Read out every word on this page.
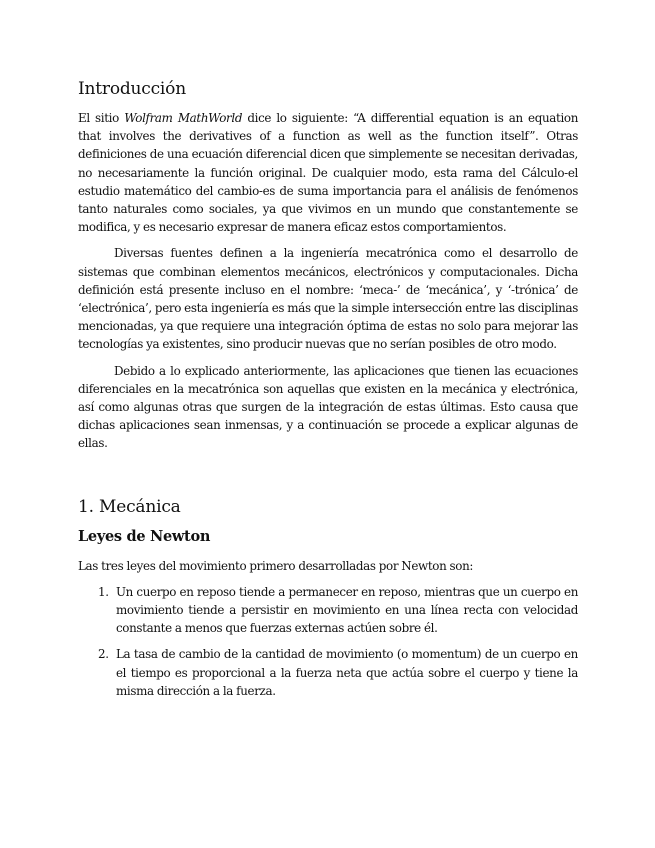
Introducción

El sitio Wolfram MathWorld dice lo siguiente: “A differential equation is an equation that involves the derivatives of a function as well as the function itself”. Otras definiciones de una ecuación diferencial dicen que simplemente se necesitan derivadas, no necesariamente la función original. De cualquier modo, esta rama del Cálculo-el estudio matemático del cambio-es de suma importancia para el análisis de fenómenos tanto naturales como sociales, ya que vivimos en un mundo que constantemente se modifica, y es necesario expresar de manera eficaz estos comportamientos.

Diversas fuentes definen a la ingeniería mecatrónica como el desarrollo de sistemas que combinan elementos mecánicos, electrónicos y computacionales. Dicha definición está presente incluso en el nombre: ‘meca-’ de ‘mecánica’, y ‘-trónica’ de ‘electrónica’, pero esta ingeniería es más que la simple intersección entre las disciplinas mencionadas, ya que requiere una integración óptima de estas no solo para mejorar las tecnologías ya existentes, sino producir nuevas que no serían posibles de otro modo.

Debido a lo explicado anteriormente, las aplicaciones que tienen las ecuaciones diferenciales en la mecatrónica son aquellas que existen en la mecánica y electrónica, así como algunas otras que surgen de la integración de estas últimas. Esto causa que dichas aplicaciones sean inmensas, y a continuación se procede a explicar algunas de ellas.

1. Mecánica
Leyes de Newton

Las tres leyes del movimiento primero desarrolladas por Newton son:

1. Un cuerpo en reposo tiende a permanecer en reposo, mientras que un cuerpo en movimiento tiende a persistir en movimiento en una línea recta con velocidad constante a menos que fuerzas externas actúen sobre él.
2. La tasa de cambio de la cantidad de movimiento (o momentum) de un cuerpo en el tiempo es proporcional a la fuerza neta que actúa sobre el cuerpo y tiene la misma dirección a la fuerza.
